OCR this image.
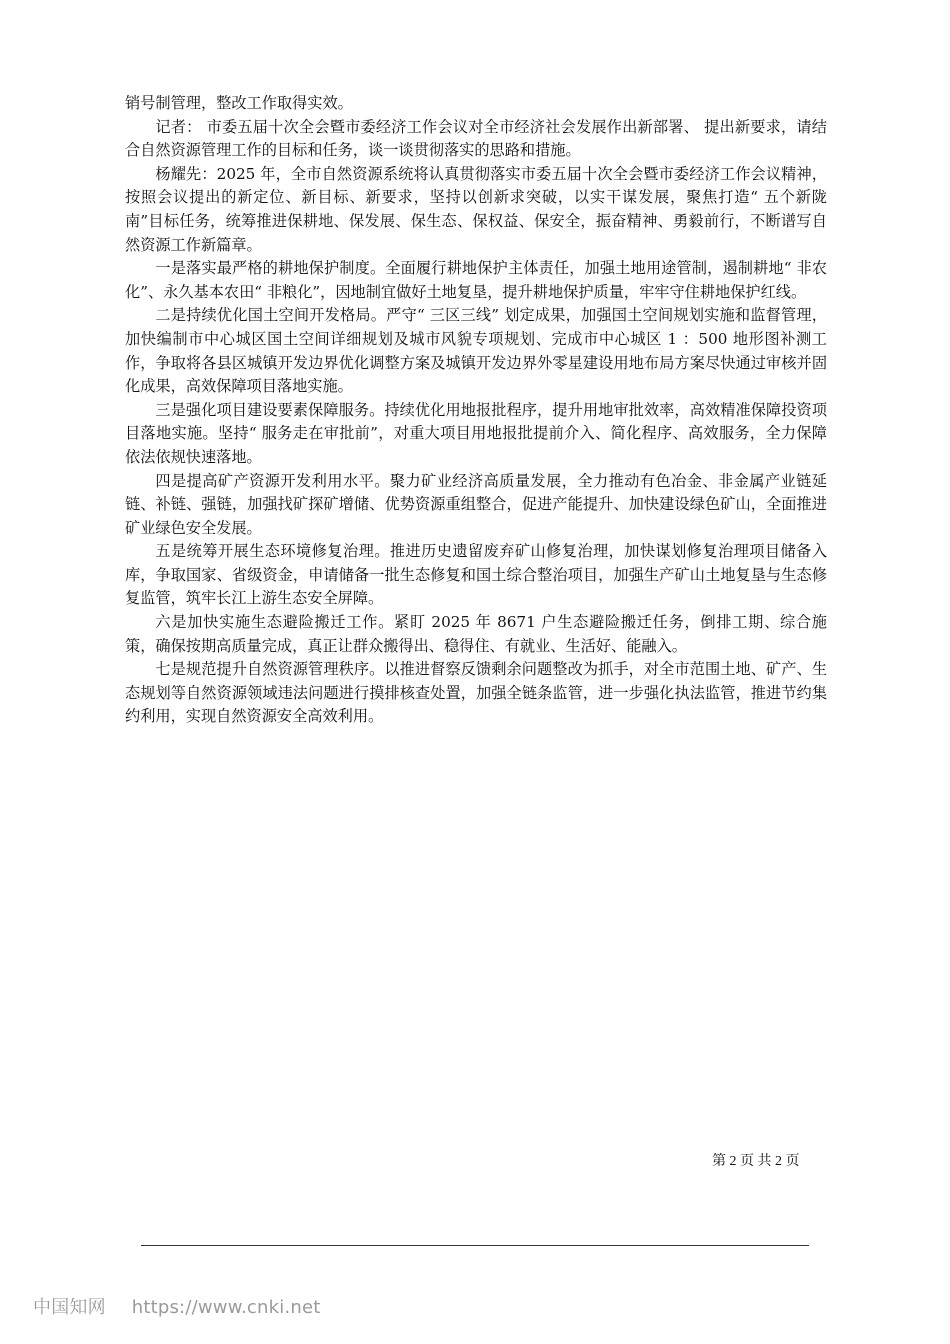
销号制管理，整改工作取得实效。

记者： 市委五届十次全会暨市委经济工作会议对全市经济社会发展作出新部署、 提出新要求，请结合自然资源管理工作的目标和任务，谈一谈贯彻落实的思路和措施。

杨耀先：2025 年，全市自然资源系统将认真贯彻落实市委五届十次全会暨市委经济工作会议精神，按照会议提出的新定位、新目标、新要求，坚持以创新求突破，以实干谋发展，聚焦打造“ 五个新陇南”目标任务，统筹推进保耕地、保发展、保生态、保权益、保安全，振奋精神、勇毅前行，不断谱写自然资源工作新篇章。

一是落实最严格的耕地保护制度。全面履行耕地保护主体责任，加强土地用途管制，遏制耕地“ 非农化”、永久基本农田“ 非粮化”，因地制宜做好土地复垦，提升耕地保护质量，牢牢守住耕地保护红线。

二是持续优化国土空间开发格局。严守“ 三区三线” 划定成果，加强国土空间规划实施和监督管理，加快编制市中心城区国土空间详细规划及城市风貌专项规划、完成市中心城区 1 ：500 地形图补测工作，争取将各县区城镇开发边界优化调整方案及城镇开发边界外零星建设用地布局方案尽快通过审核并固化成果，高效保障项目落地实施。

三是强化项目建设要素保障服务。持续优化用地报批程序，提升用地审批效率，高效精准保障投资项目落地实施。坚持“ 服务走在审批前”，对重大项目用地报批提前介入、简化程序、高效服务，全力保障依法依规快速落地。

四是提高矿产资源开发利用水平。聚力矿业经济高质量发展，全力推动有色冶金、非金属产业链延链、补链、强链，加强找矿探矿增储、优势资源重组整合，促进产能提升、加快建设绿色矿山，全面推进矿业绿色安全发展。

五是统筹开展生态环境修复治理。推进历史遗留废弃矿山修复治理，加快谋划修复治理项目储备入库，争取国家、省级资金，申请储备一批生态修复和国土综合整治项目，加强生产矿山土地复垦与生态修复监管，筑牢长江上游生态安全屏障。

六是加快实施生态避险搬迁工作。紧盯 2025 年 8671 户生态避险搬迁任务，倒排工期、综合施策，确保按期高质量完成，真正让群众搬得出、稳得住、有就业、生活好、能融入。

七是规范提升自然资源管理秩序。以推进督察反馈剩余问题整改为抓手，对全市范围土地、矿产、生态规划等自然资源领域违法问题进行摸排核查处置，加强全链条监管，进一步强化执法监管，推进节约集约利用，实现自然资源安全高效利用。

第 2 页 共 2 页
中国知网 https://www.cnki.net
